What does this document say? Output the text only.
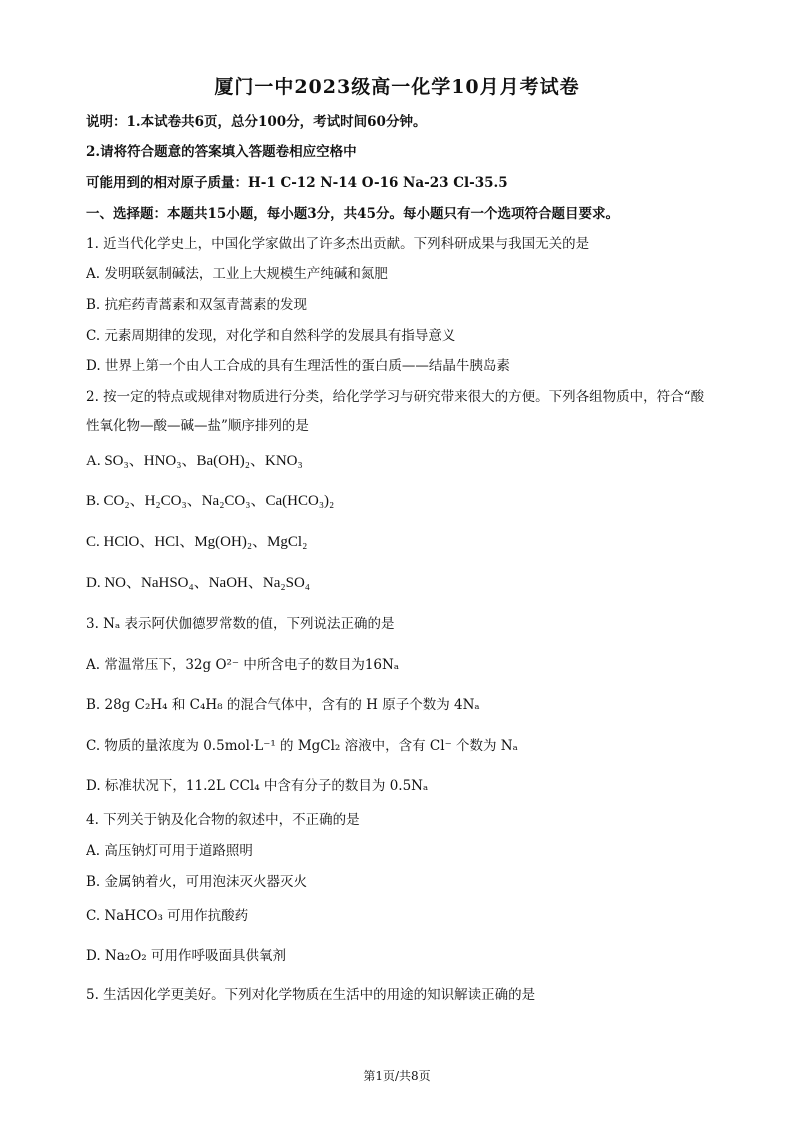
厦门一中2023级高一化学10月月考试卷
说明：1.本试卷共6页，总分100分，考试时间60分钟。
2.请将符合题意的答案填入答题卷相应空格中
可能用到的相对原子质量：H-1 C-12 N-14 O-16 Na-23 Cl-35.5
一、选择题：本题共15小题，每小题3分，共45分。每小题只有一个选项符合题目要求。
1. 近当代化学史上，中国化学家做出了许多杰出贡献。下列科研成果与我国无关的是
A. 发明联氨制碱法，工业上大规模生产纯碱和氮肥
B. 抗疟药青蒿素和双氢青蒿素的发现
C. 元素周期律的发现，对化学和自然科学的发展具有指导意义
D. 世界上第一个由人工合成的具有生理活性的蛋白质——结晶牛胰岛素
2. 按一定的特点或规律对物质进行分类，给化学学习与研究带来很大的方便。下列各组物质中，符合“酸
性氧化物—酸—碱—盐”顺序排列的是
A. SO₃、HNO₃、Ba(OH)₂、KNO₃
B. CO₂、H₂CO₃、Na₂CO₃、Ca(HCO₃)₂
C. HClO、HCl、Mg(OH)₂、MgCl₂
D. NO、NaHSO₄、NaOH、Na₂SO₄
3. Nₐ 表示阿伏伽德罗常数的值，下列说法正确的是
A. 常温常压下，32g O²⁻ 中所含电子的数目为16Nₐ
B. 28g C₂H₄ 和 C₄H₈ 的混合气体中，含有的 H 原子个数为 4Nₐ
C. 物质的量浓度为 0.5mol·L⁻¹ 的 MgCl₂ 溶液中，含有 Cl⁻ 个数为 Nₐ
D. 标准状况下，11.2L CCl₄ 中含有分子的数目为 0.5Nₐ
4. 下列关于钠及化合物的叙述中，不正确的是
A. 高压钠灯可用于道路照明
B. 金属钠着火，可用泡沫灭火器灭火
C. NaHCO₃ 可用作抗酸药
D. Na₂O₂ 可用作呼吸面具供氧剂
5. 生活因化学更美好。下列对化学物质在生活中的用途的知识解读正确的是
第1页/共8页
